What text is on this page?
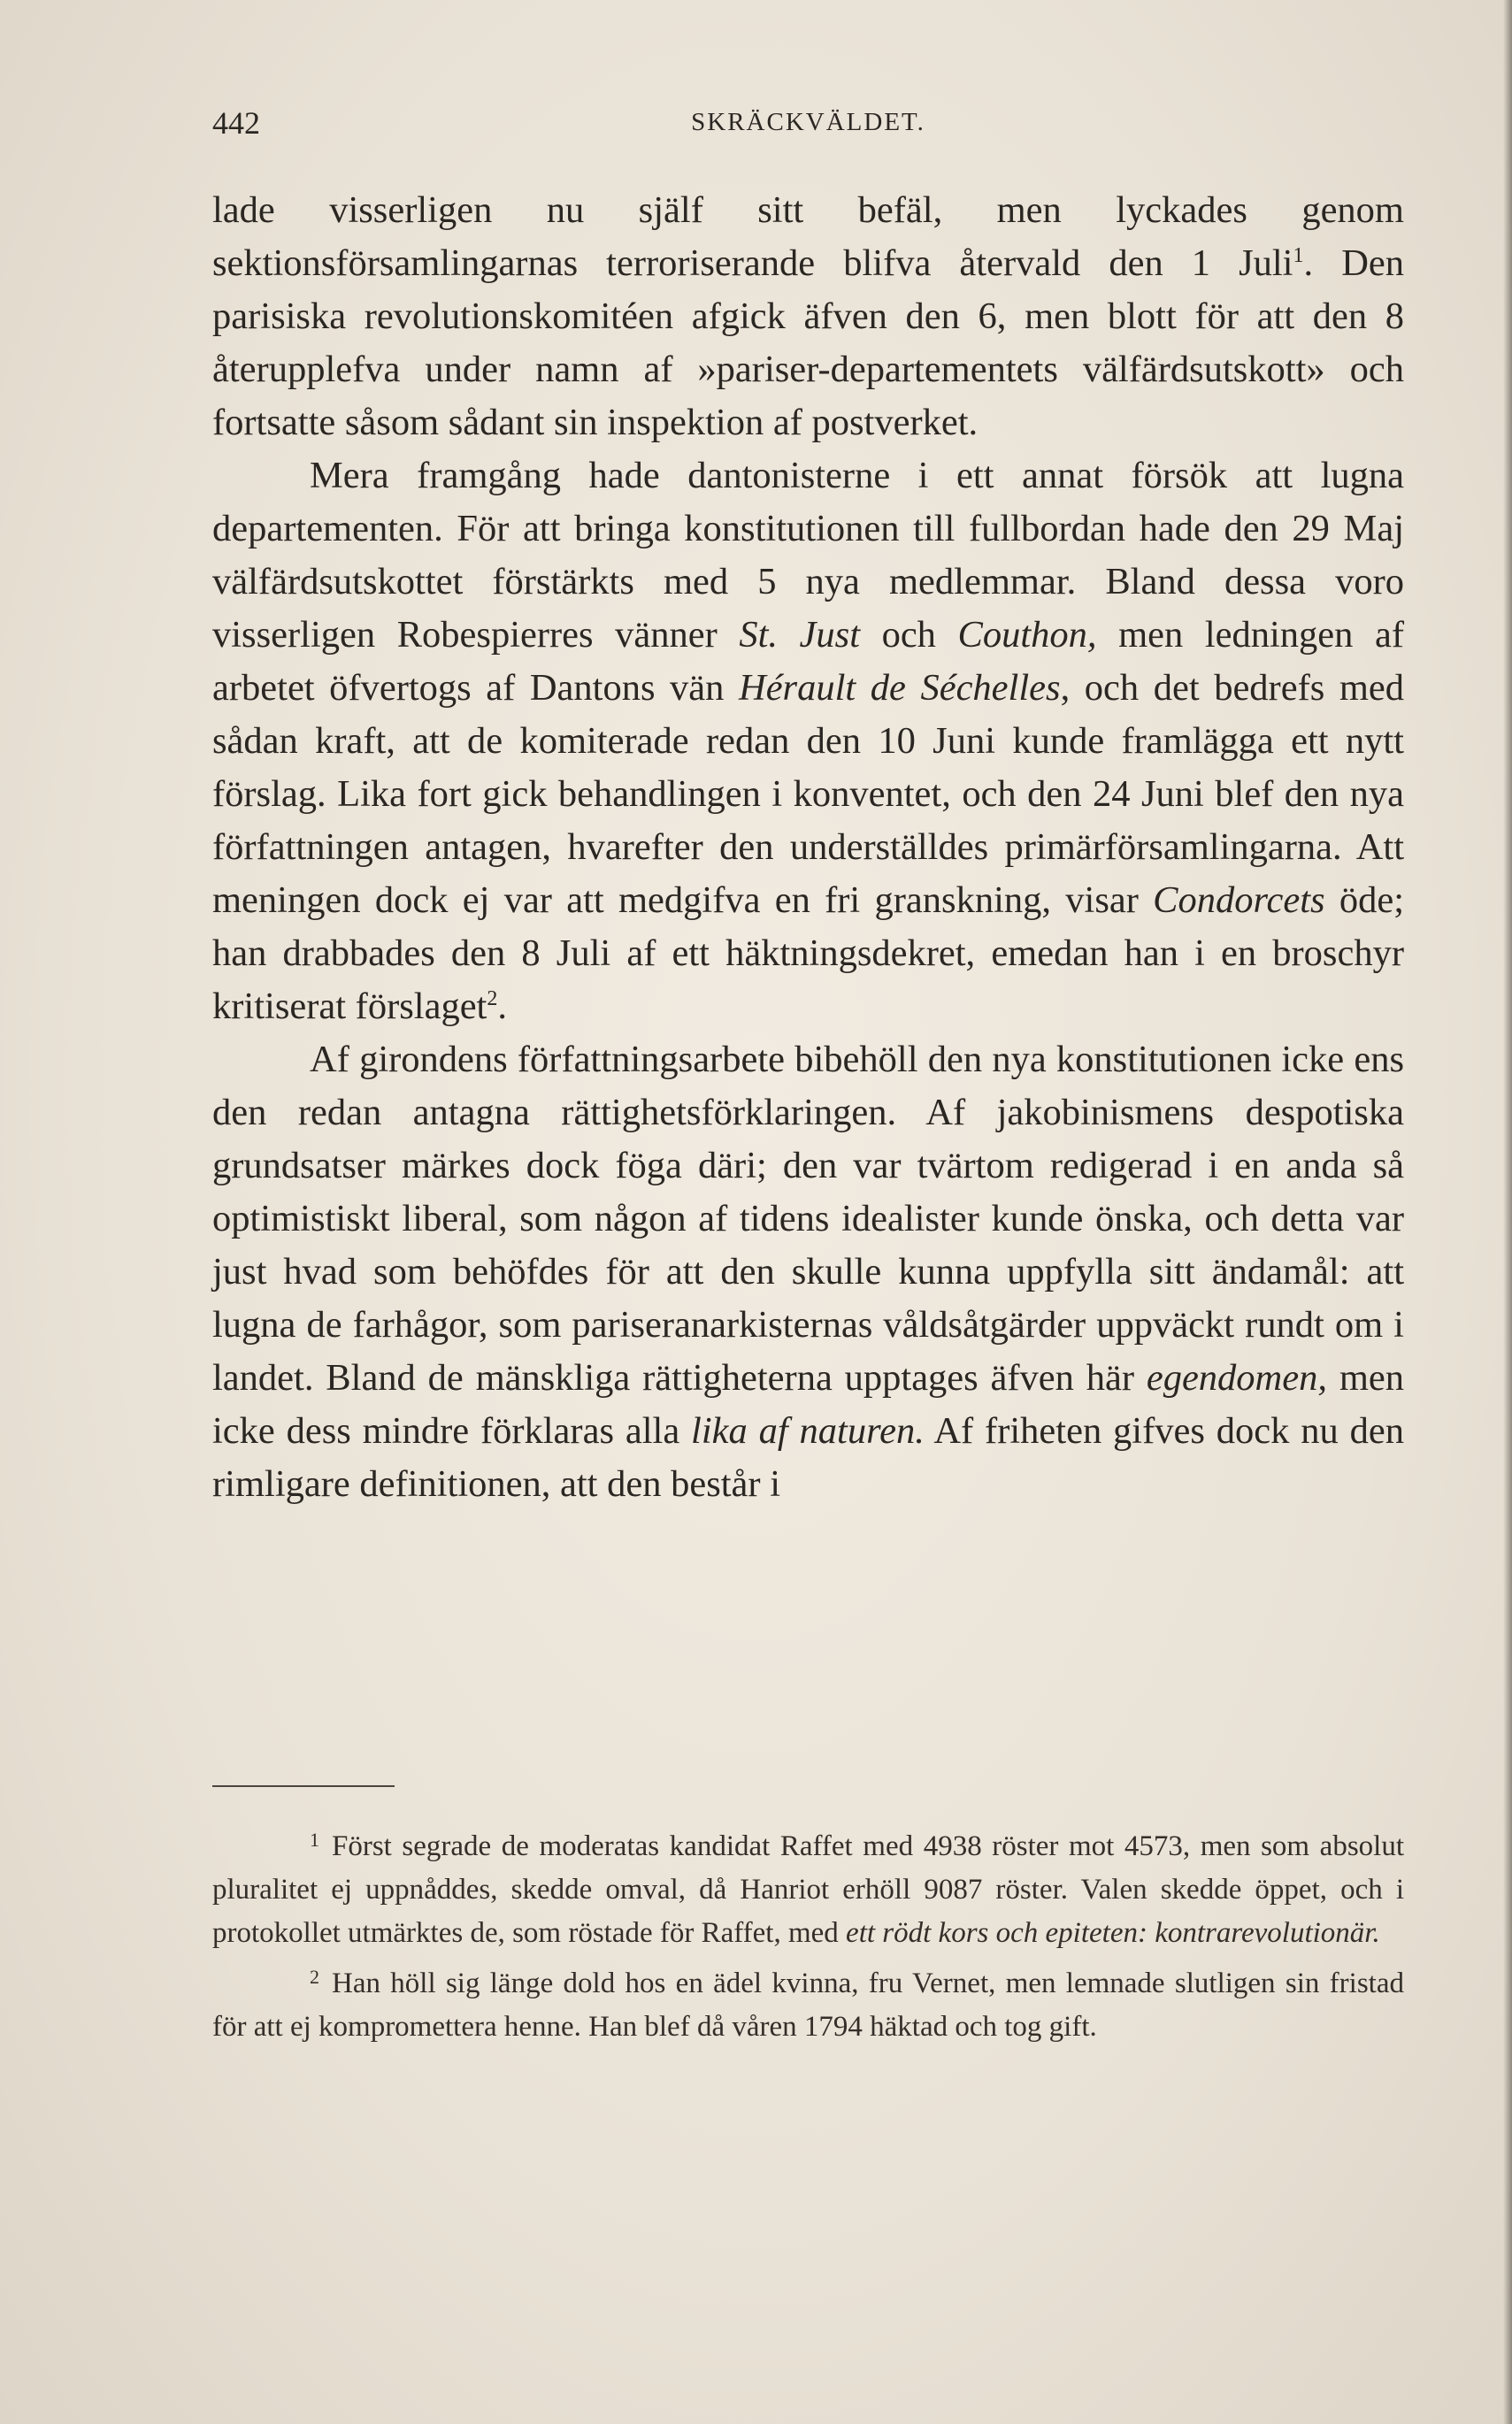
442	SKRÄCKVÄLDET.

lade visserligen nu själf sitt befäl, men lyckades genom sektionsförsamlingarnas terroriserande blifva återvald den 1 Juli$^1$. Den parisiska revolutionskomitéen afgick äfven den 6, men blott för att den 8 återupplefva under namn af »pariser-departementets välfärdsutskott» och fortsatte såsom sådant sin inspektion af postverket.

Mera framgång hade dantonisterne i ett annat försök att lugna departementen. För att bringa konstitutionen till fullbordan hade den 29 Maj välfärdsutskottet förstärkts med 5 nya medlemmar. Bland dessa voro visserligen Robespierres vänner St. Just och Couthon, men ledningen af arbetet öfvertogs af Dantons vän Hérault de Séchelles, och det bedrefs med sådan kraft, att de komiterade redan den 10 Juni kunde framlägga ett nytt förslag. Lika fort gick behandlingen i konventet, och den 24 Juni blef den nya författningen antagen, hvarefter den underställdes primärförsamlingarna. Att meningen dock ej var att medgifva en fri granskning, visar Condorcets öde; han drabbades den 8 Juli af ett häktningsdekret, emedan han i en broschyr kritiserat förslaget$^2$.

Af girondens författningsarbete bibehöll den nya konstitutionen icke ens den redan antagna rättighetsförklaringen. Af jakobinismens despotiska grundsatser märkes dock föga däri; den var tvärtom redigerad i en anda så optimistiskt liberal, som någon af tidens idealister kunde önska, och detta var just hvad som behöfdes för att den skulle kunna uppfylla sitt ändamål: att lugna de farhågor, som pariseranarkisternas våldsåtgärder uppväckt rundt om i landet. Bland de mänskliga rättigheterna upptages äfven här egendomen, men icke dess mindre förklaras alla lika af naturen. Af friheten gifves dock nu den rimligare definitionen, att den består i

$^1$ Först segrade de moderatas kandidat Raffet med 4938 röster mot 4573, men som absolut pluralitet ej uppnåddes, skedde omval, då Hanriot erhöll 9087 röster. Valen skedde öppet, och i protokollet utmärktes de, som röstade för Raffet, med ett rödt kors och epiteten: kontrarevolutionär.

$^2$ Han höll sig länge dold hos en ädel kvinna, fru Vernet, men lemnade slutligen sin fristad för att ej kompromettera henne. Han blef då våren 1794 häktad och tog gift.
